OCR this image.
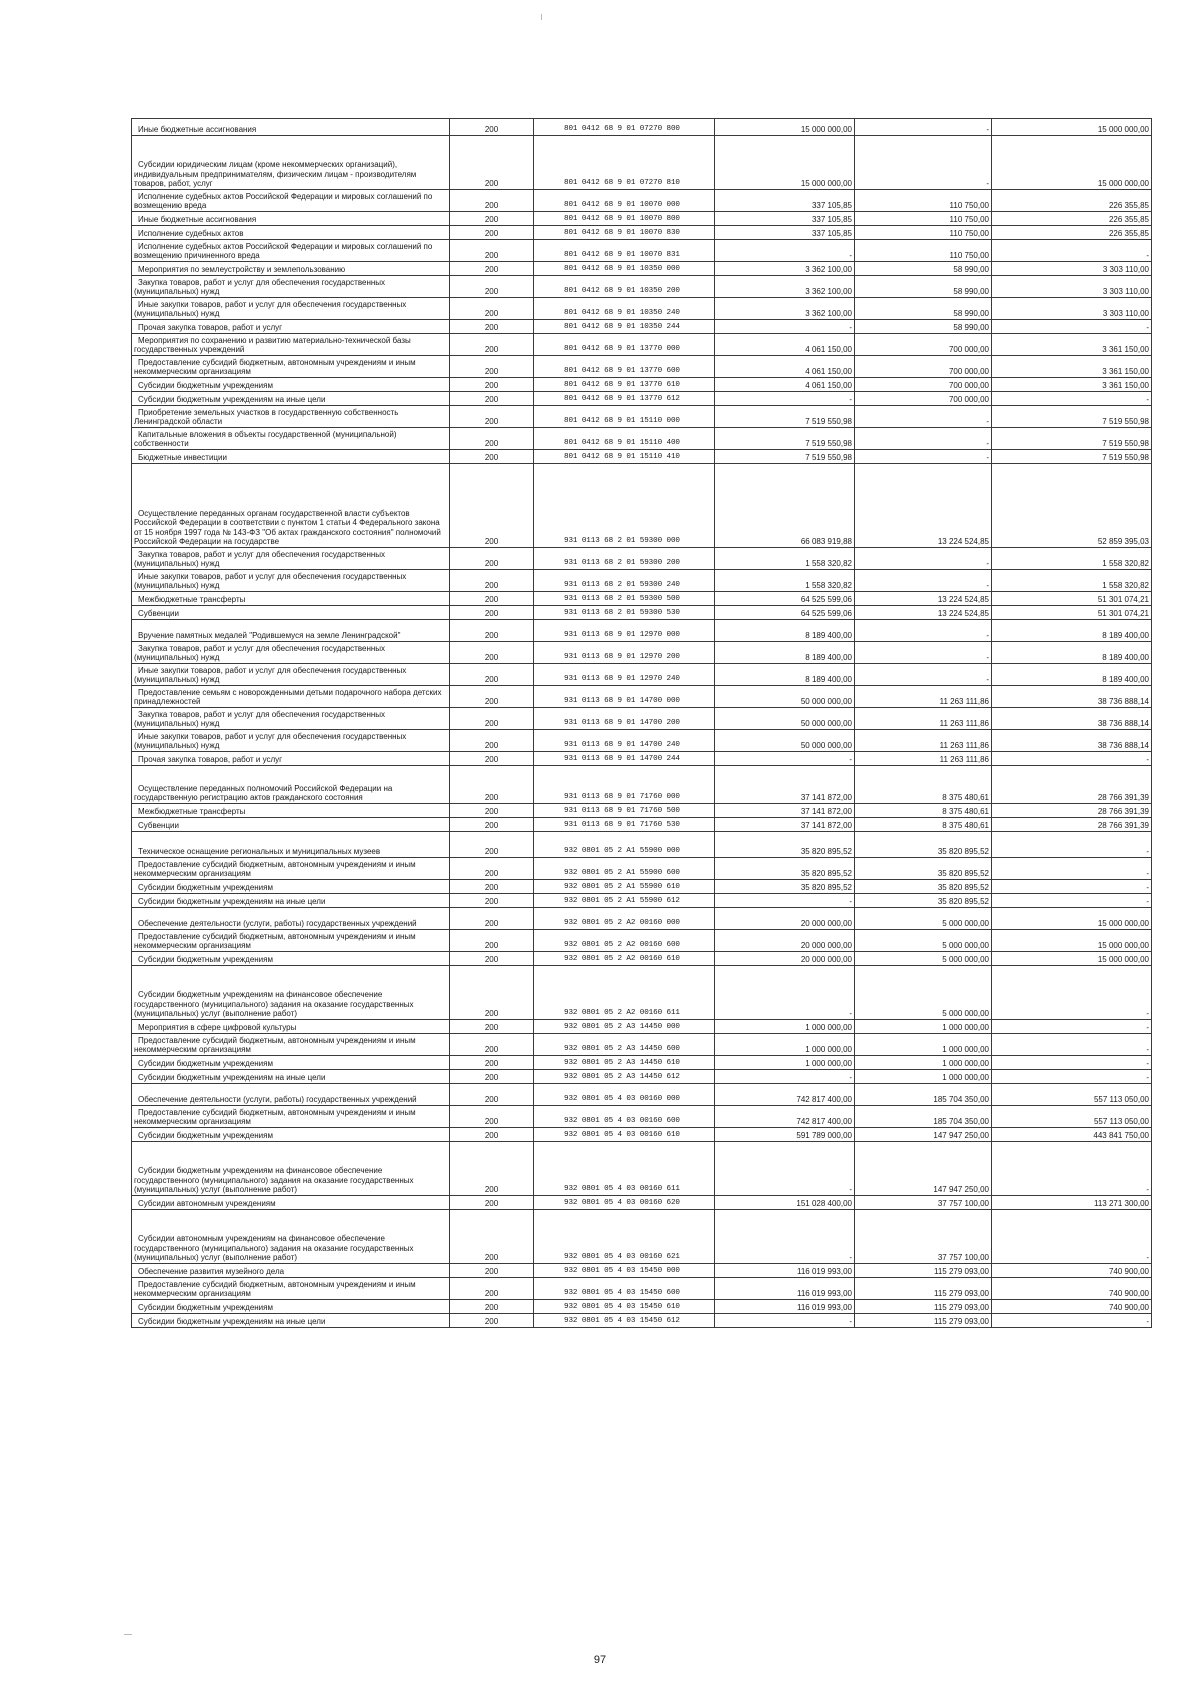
Иные бюджетные ассигнования	200	801 0412 68 9 01 07270 800	15 000 000,00	-	15 000 000,00
Субсидии юридическим лицам (кроме некоммерческих организаций), индивидуальным предпринимателям, физическим лицам - производителям товаров, работ, услуг	200	801 0412 68 9 01 07270 810	15 000 000,00	-	15 000 000,00
Исполнение судебных актов Российской Федерации и мировых соглашений по возмещению вреда	200	801 0412 68 9 01 10070 000	337 105,85	110 750,00	226 355,85
Иные бюджетные ассигнования	200	801 0412 68 9 01 10070 800	337 105,85	110 750,00	226 355,85
Исполнение судебных актов	200	801 0412 68 9 01 10070 830	337 105,85	110 750,00	226 355,85
Исполнение судебных актов Российской Федерации и мировых соглашений по возмещению причиненного вреда	200	801 0412 68 9 01 10070 831	-	110 750,00	-
Мероприятия по землеустройству и землепользованию	200	801 0412 68 9 01 10350 000	3 362 100,00	58 990,00	3 303 110,00
Закупка товаров, работ и услуг для обеспечения государственных (муниципальных) нужд	200	801 0412 68 9 01 10350 200	3 362 100,00	58 990,00	3 303 110,00
Иные закупки товаров, работ и услуг для обеспечения государственных (муниципальных) нужд	200	801 0412 68 9 01 10350 240	3 362 100,00	58 990,00	3 303 110,00
Прочая закупка товаров, работ и услуг	200	801 0412 68 9 01 10350 244	-	58 990,00	-
Мероприятия по сохранению и развитию материально-технической базы государственных учреждений	200	801 0412 68 9 01 13770 000	4 061 150,00	700 000,00	3 361 150,00
Предоставление субсидий бюджетным, автономным учреждениям и иным некоммерческим организациям	200	801 0412 68 9 01 13770 600	4 061 150,00	700 000,00	3 361 150,00
Субсидии бюджетным учреждениям	200	801 0412 68 9 01 13770 610	4 061 150,00	700 000,00	3 361 150,00
Субсидии бюджетным учреждениям на иные цели	200	801 0412 68 9 01 13770 612	-	700 000,00	-
Приобретение земельных участков в государственную собственность Ленинградской области	200	801 0412 68 9 01 15110 000	7 519 550,98	-	7 519 550,98
Капитальные вложения в объекты государственной (муниципальной) собственности	200	801 0412 68 9 01 15110 400	7 519 550,98	-	7 519 550,98
Бюджетные инвестиции	200	801 0412 68 9 01 15110 410	7 519 550,98	-	7 519 550,98
Осуществление переданных органам государственной власти субъектов Российской Федерации в соответствии с пунктом 1 статьи 4 Федерального закона от 15 ноября 1997 года № 143-ФЗ "Об актах гражданского состояния" полномочий Российской Федерации на государстве	200	931 0113 68 2 01 59300 000	66 083 919,88	13 224 524,85	52 859 395,03
Закупка товаров, работ и услуг для обеспечения государственных (муниципальных) нужд	200	931 0113 68 2 01 59300 200	1 558 320,82	-	1 558 320,82
Иные закупки товаров, работ и услуг для обеспечения государственных (муниципальных) нужд	200	931 0113 68 2 01 59300 240	1 558 320,82	-	1 558 320,82
Межбюджетные трансферты	200	931 0113 68 2 01 59300 500	64 525 599,06	13 224 524,85	51 301 074,21
Субвенции	200	931 0113 68 2 01 59300 530	64 525 599,06	13 224 524,85	51 301 074,21
Вручение памятных медалей "Родившемуся на земле Ленинградской"	200	931 0113 68 9 01 12970 000	8 189 400,00	-	8 189 400,00
Закупка товаров, работ и услуг для обеспечения государственных (муниципальных) нужд	200	931 0113 68 9 01 12970 200	8 189 400,00	-	8 189 400,00
Иные закупки товаров, работ и услуг для обеспечения государственных (муниципальных) нужд	200	931 0113 68 9 01 12970 240	8 189 400,00	-	8 189 400,00
Предоставление семьям с новорожденными детьми подарочного набора детских принадлежностей	200	931 0113 68 9 01 14700 000	50 000 000,00	11 263 111,86	38 736 888,14
Закупка товаров, работ и услуг для обеспечения государственных (муниципальных) нужд	200	931 0113 68 9 01 14700 200	50 000 000,00	11 263 111,86	38 736 888,14
Иные закупки товаров, работ и услуг для обеспечения государственных (муниципальных) нужд	200	931 0113 68 9 01 14700 240	50 000 000,00	11 263 111,86	38 736 888,14
Прочая закупка товаров, работ и услуг	200	931 0113 68 9 01 14700 244	-	11 263 111,86	-
Осуществление переданных полномочий Российской Федерации на государственную регистрацию актов гражданского состояния	200	931 0113 68 9 01 71760 000	37 141 872,00	8 375 480,61	28 766 391,39
Межбюджетные трансферты	200	931 0113 68 9 01 71760 500	37 141 872,00	8 375 480,61	28 766 391,39
Субвенции	200	931 0113 68 9 01 71760 530	37 141 872,00	8 375 480,61	28 766 391,39
Техническое оснащение региональных и муниципальных музеев	200	932 0801 05 2 A1 55900 000	35 820 895,52	35 820 895,52	-
Предоставление субсидий бюджетным, автономным учреждениям и иным некоммерческим организациям	200	932 0801 05 2 A1 55900 600	35 820 895,52	35 820 895,52	-
Субсидии бюджетным учреждениям	200	932 0801 05 2 A1 55900 610	35 820 895,52	35 820 895,52	-
Субсидии бюджетным учреждениям на иные цели	200	932 0801 05 2 A1 55900 612	-	35 820 895,52	-
Обеспечение деятельности (услуги, работы) государственных учреждений	200	932 0801 05 2 A2 00160 000	20 000 000,00	5 000 000,00	15 000 000,00
Предоставление субсидий бюджетным, автономным учреждениям и иным некоммерческим организациям	200	932 0801 05 2 A2 00160 600	20 000 000,00	5 000 000,00	15 000 000,00
Субсидии бюджетным учреждениям	200	932 0801 05 2 A2 00160 610	20 000 000,00	5 000 000,00	15 000 000,00
Субсидии бюджетным учреждениям на финансовое обеспечение государственного (муниципального) задания на оказание государственных (муниципальных) услуг (выполнение работ)	200	932 0801 05 2 A2 00160 611	-	5 000 000,00	-
Мероприятия в сфере цифровой культуры	200	932 0801 05 2 A3 14450 000	1 000 000,00	1 000 000,00	-
Предоставление субсидий бюджетным, автономным учреждениям и иным некоммерческим организациям	200	932 0801 05 2 A3 14450 600	1 000 000,00	1 000 000,00	-
Субсидии бюджетным учреждениям	200	932 0801 05 2 A3 14450 610	1 000 000,00	1 000 000,00	-
Субсидии бюджетным учреждениям на иные цели	200	932 0801 05 2 A3 14450 612	-	1 000 000,00	-
Обеспечение деятельности (услуги, работы) государственных учреждений	200	932 0801 05 4 03 00160 000	742 817 400,00	185 704 350,00	557 113 050,00
Предоставление субсидий бюджетным, автономным учреждениям и иным некоммерческим организациям	200	932 0801 05 4 03 00160 600	742 817 400,00	185 704 350,00	557 113 050,00
Субсидии бюджетным учреждениям	200	932 0801 05 4 03 00160 610	591 789 000,00	147 947 250,00	443 841 750,00
Субсидии бюджетным учреждениям на финансовое обеспечение государственного (муниципального) задания на оказание государственных (муниципальных) услуг (выполнение работ)	200	932 0801 05 4 03 00160 611	-	147 947 250,00	-
Субсидии автономным учреждениям	200	932 0801 05 4 03 00160 620	151 028 400,00	37 757 100,00	113 271 300,00
Субсидии автономным учреждениям на финансовое обеспечение государственного (муниципального) задания на оказание государственных (муниципальных) услуг (выполнение работ)	200	932 0801 05 4 03 00160 621	-	37 757 100,00	-
Обеспечение развития музейного дела	200	932 0801 05 4 03 15450 000	116 019 993,00	115 279 093,00	740 900,00
Предоставление субсидий бюджетным, автономным учреждениям и иным некоммерческим организациям	200	932 0801 05 4 03 15450 600	116 019 993,00	115 279 093,00	740 900,00
Субсидии бюджетным учреждениям	200	932 0801 05 4 03 15450 610	116 019 993,00	115 279 093,00	740 900,00
Субсидии бюджетным учреждениям на иные цели	200	932 0801 05 4 03 15450 612	-	115 279 093,00	-
97
